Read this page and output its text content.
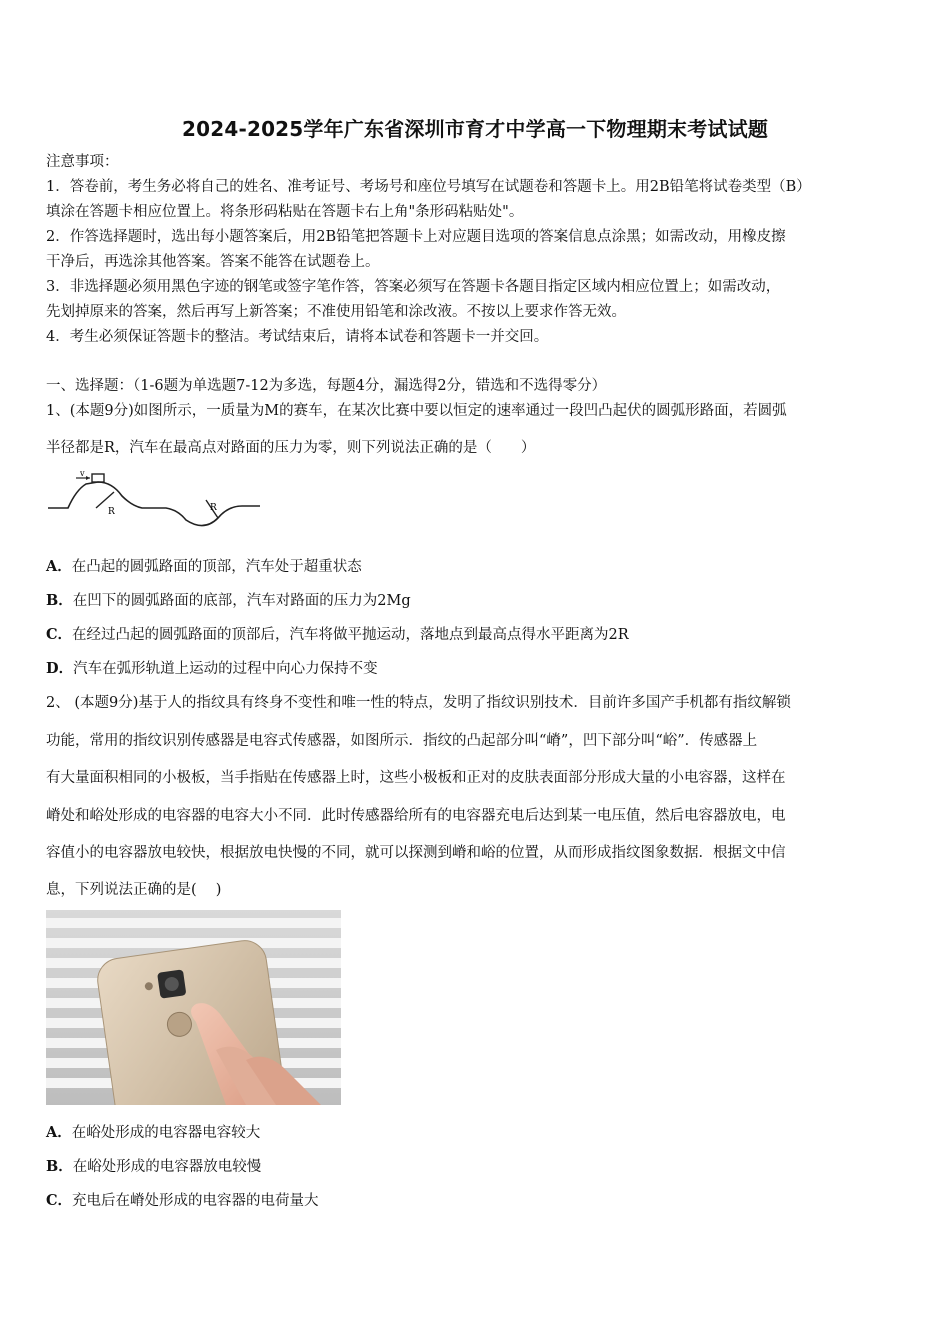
2024-2025学年广东省深圳市育才中学高一下物理期末考试试题
注意事项：
1．答卷前，考生务必将自己的姓名、准考证号、考场号和座位号填写在试题卷和答题卡上。用2B铅笔将试卷类型（B）
填涂在答题卡相应位置上。将条形码粘贴在答题卡右上角"条形码粘贴处"。
2．作答选择题时，选出每小题答案后，用2B铅笔把答题卡上对应题目选项的答案信息点涂黑；如需改动，用橡皮擦
干净后，再选涂其他答案。答案不能答在试题卷上。
3．非选择题必须用黑色字迹的钢笔或签字笔作答，答案必须写在答题卡各题目指定区域内相应位置上；如需改动，
先划掉原来的答案，然后再写上新答案；不准使用铅笔和涂改液。不按以上要求作答无效。
4．考生必须保证答题卡的整洁。考试结束后，请将本试卷和答题卡一并交回。
一、选择题：（1-6题为单选题7-12为多选，每题4分，漏选得2分，错选和不选得零分）
1、(本题9分)如图所示，一质量为M的赛车，在某次比赛中要以恒定的速率通过一段凹凸起伏的圆弧形路面，若圆弧
半径都是R，汽车在最高点对路面的压力为零，则下列说法正确的是（　　）
v
R	R
A．在凸起的圆弧路面的顶部，汽车处于超重状态
B．在凹下的圆弧路面的底部，汽车对路面的压力为2Mg
C．在经过凸起的圆弧路面的顶部后，汽车将做平抛运动，落地点到最高点得水平距离为2R
D．汽车在弧形轨道上运动的过程中向心力保持不变
2、 (本题9分)基于人的指纹具有终身不变性和唯一性的特点，发明了指纹识别技术．目前许多国产手机都有指纹解锁
功能，常用的指纹识别传感器是电容式传感器，如图所示．指纹的凸起部分叫“嵴”，凹下部分叫“峪”．传感器上
有大量面积相同的小极板，当手指贴在传感器上时，这些小极板和正对的皮肤表面部分形成大量的小电容器，这样在
嵴处和峪处形成的电容器的电容大小不同．此时传感器给所有的电容器充电后达到某一电压值，然后电容器放电，电
容值小的电容器放电较快，根据放电快慢的不同，就可以探测到嵴和峪的位置，从而形成指纹图象数据．根据文中信
息，下列说法正确的是(　 )
A．在峪处形成的电容器电容较大
B．在峪处形成的电容器放电较慢
C．充电后在嵴处形成的电容器的电荷量大
